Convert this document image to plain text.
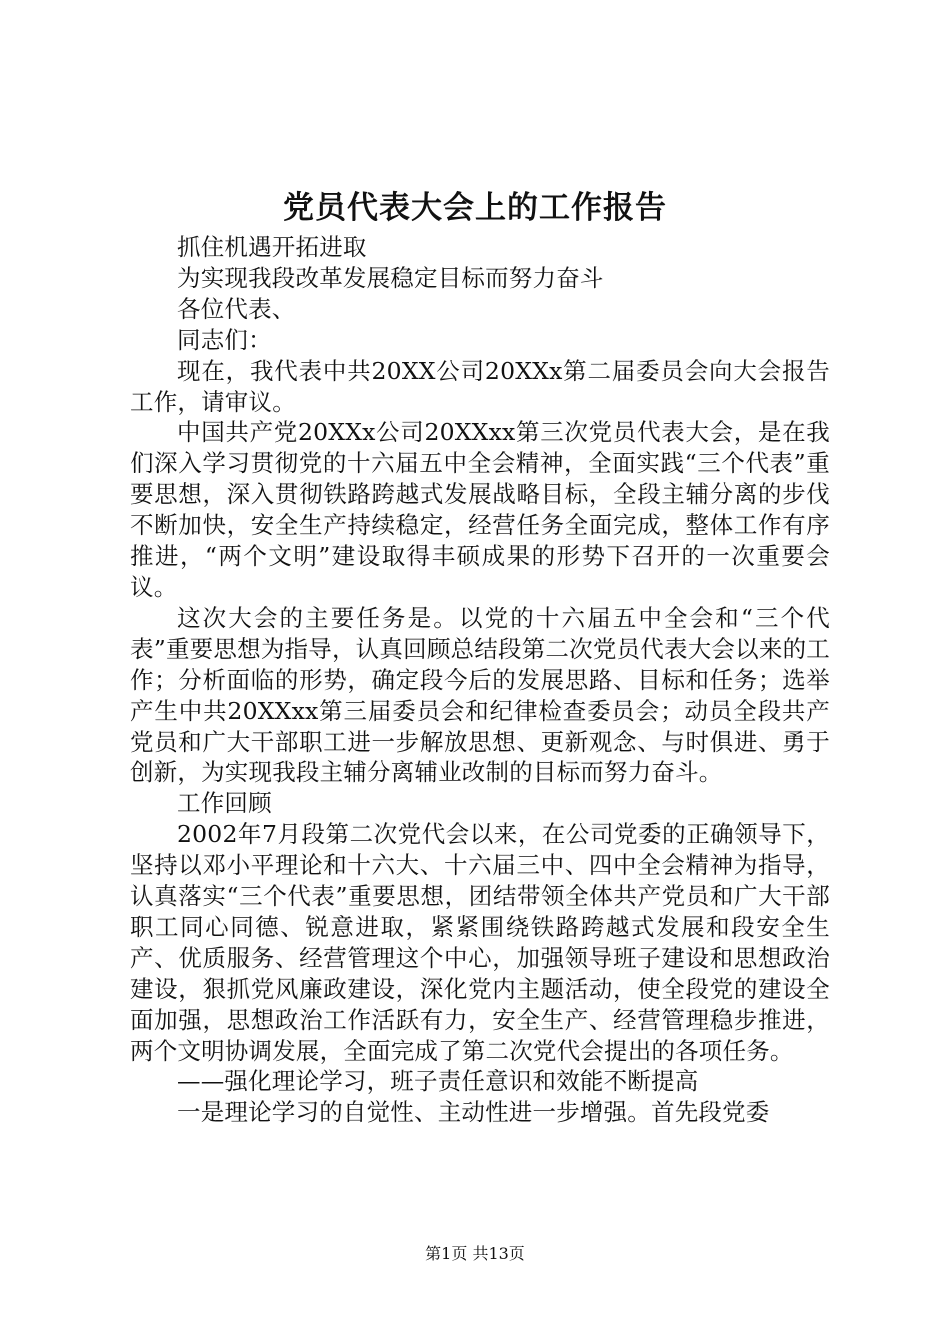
党员代表大会上的工作报告

抓住机遇开拓进取

为实现我段改革发展稳定目标而努力奋斗

各位代表、

同志们：

现在，我代表中共20XX公司20XXx第二届委员会向大会报告工作，请审议。

中国共产党20XXx公司20XXxx第三次党员代表大会，是在我们深入学习贯彻党的十六届五中全会精神，全面实践“三个代表”重要思想，深入贯彻铁路跨越式发展战略目标，全段主辅分离的步伐不断加快，安全生产持续稳定，经营任务全面完成，整体工作有序推进，“两个文明”建设取得丰硕成果的形势下召开的一次重要会议。

这次大会的主要任务是。以党的十六届五中全会和“三个代表”重要思想为指导，认真回顾总结段第二次党员代表大会以来的工作；分析面临的形势，确定段今后的发展思路、目标和任务；选举产生中共20XXxx第三届委员会和纪律检查委员会；动员全段共产党员和广大干部职工进一步解放思想、更新观念、与时俱进、勇于创新，为实现我段主辅分离辅业改制的目标而努力奋斗。

工作回顾

2002年7月段第二次党代会以来，在公司党委的正确领导下，坚持以邓小平理论和十六大、十六届三中、四中全会精神为指导，认真落实“三个代表”重要思想，团结带领全体共产党员和广大干部职工同心同德、锐意进取，紧紧围绕铁路跨越式发展和段安全生产、优质服务、经营管理这个中心，加强领导班子建设和思想政治建设，狠抓党风廉政建设，深化党内主题活动，使全段党的建设全面加强，思想政治工作活跃有力，安全生产、经营管理稳步推进，两个文明协调发展，全面完成了第二次党代会提出的各项任务。

——强化理论学习，班子责任意识和效能不断提高

一是理论学习的自觉性、主动性进一步增强。首先段党委

第1页 共13页
